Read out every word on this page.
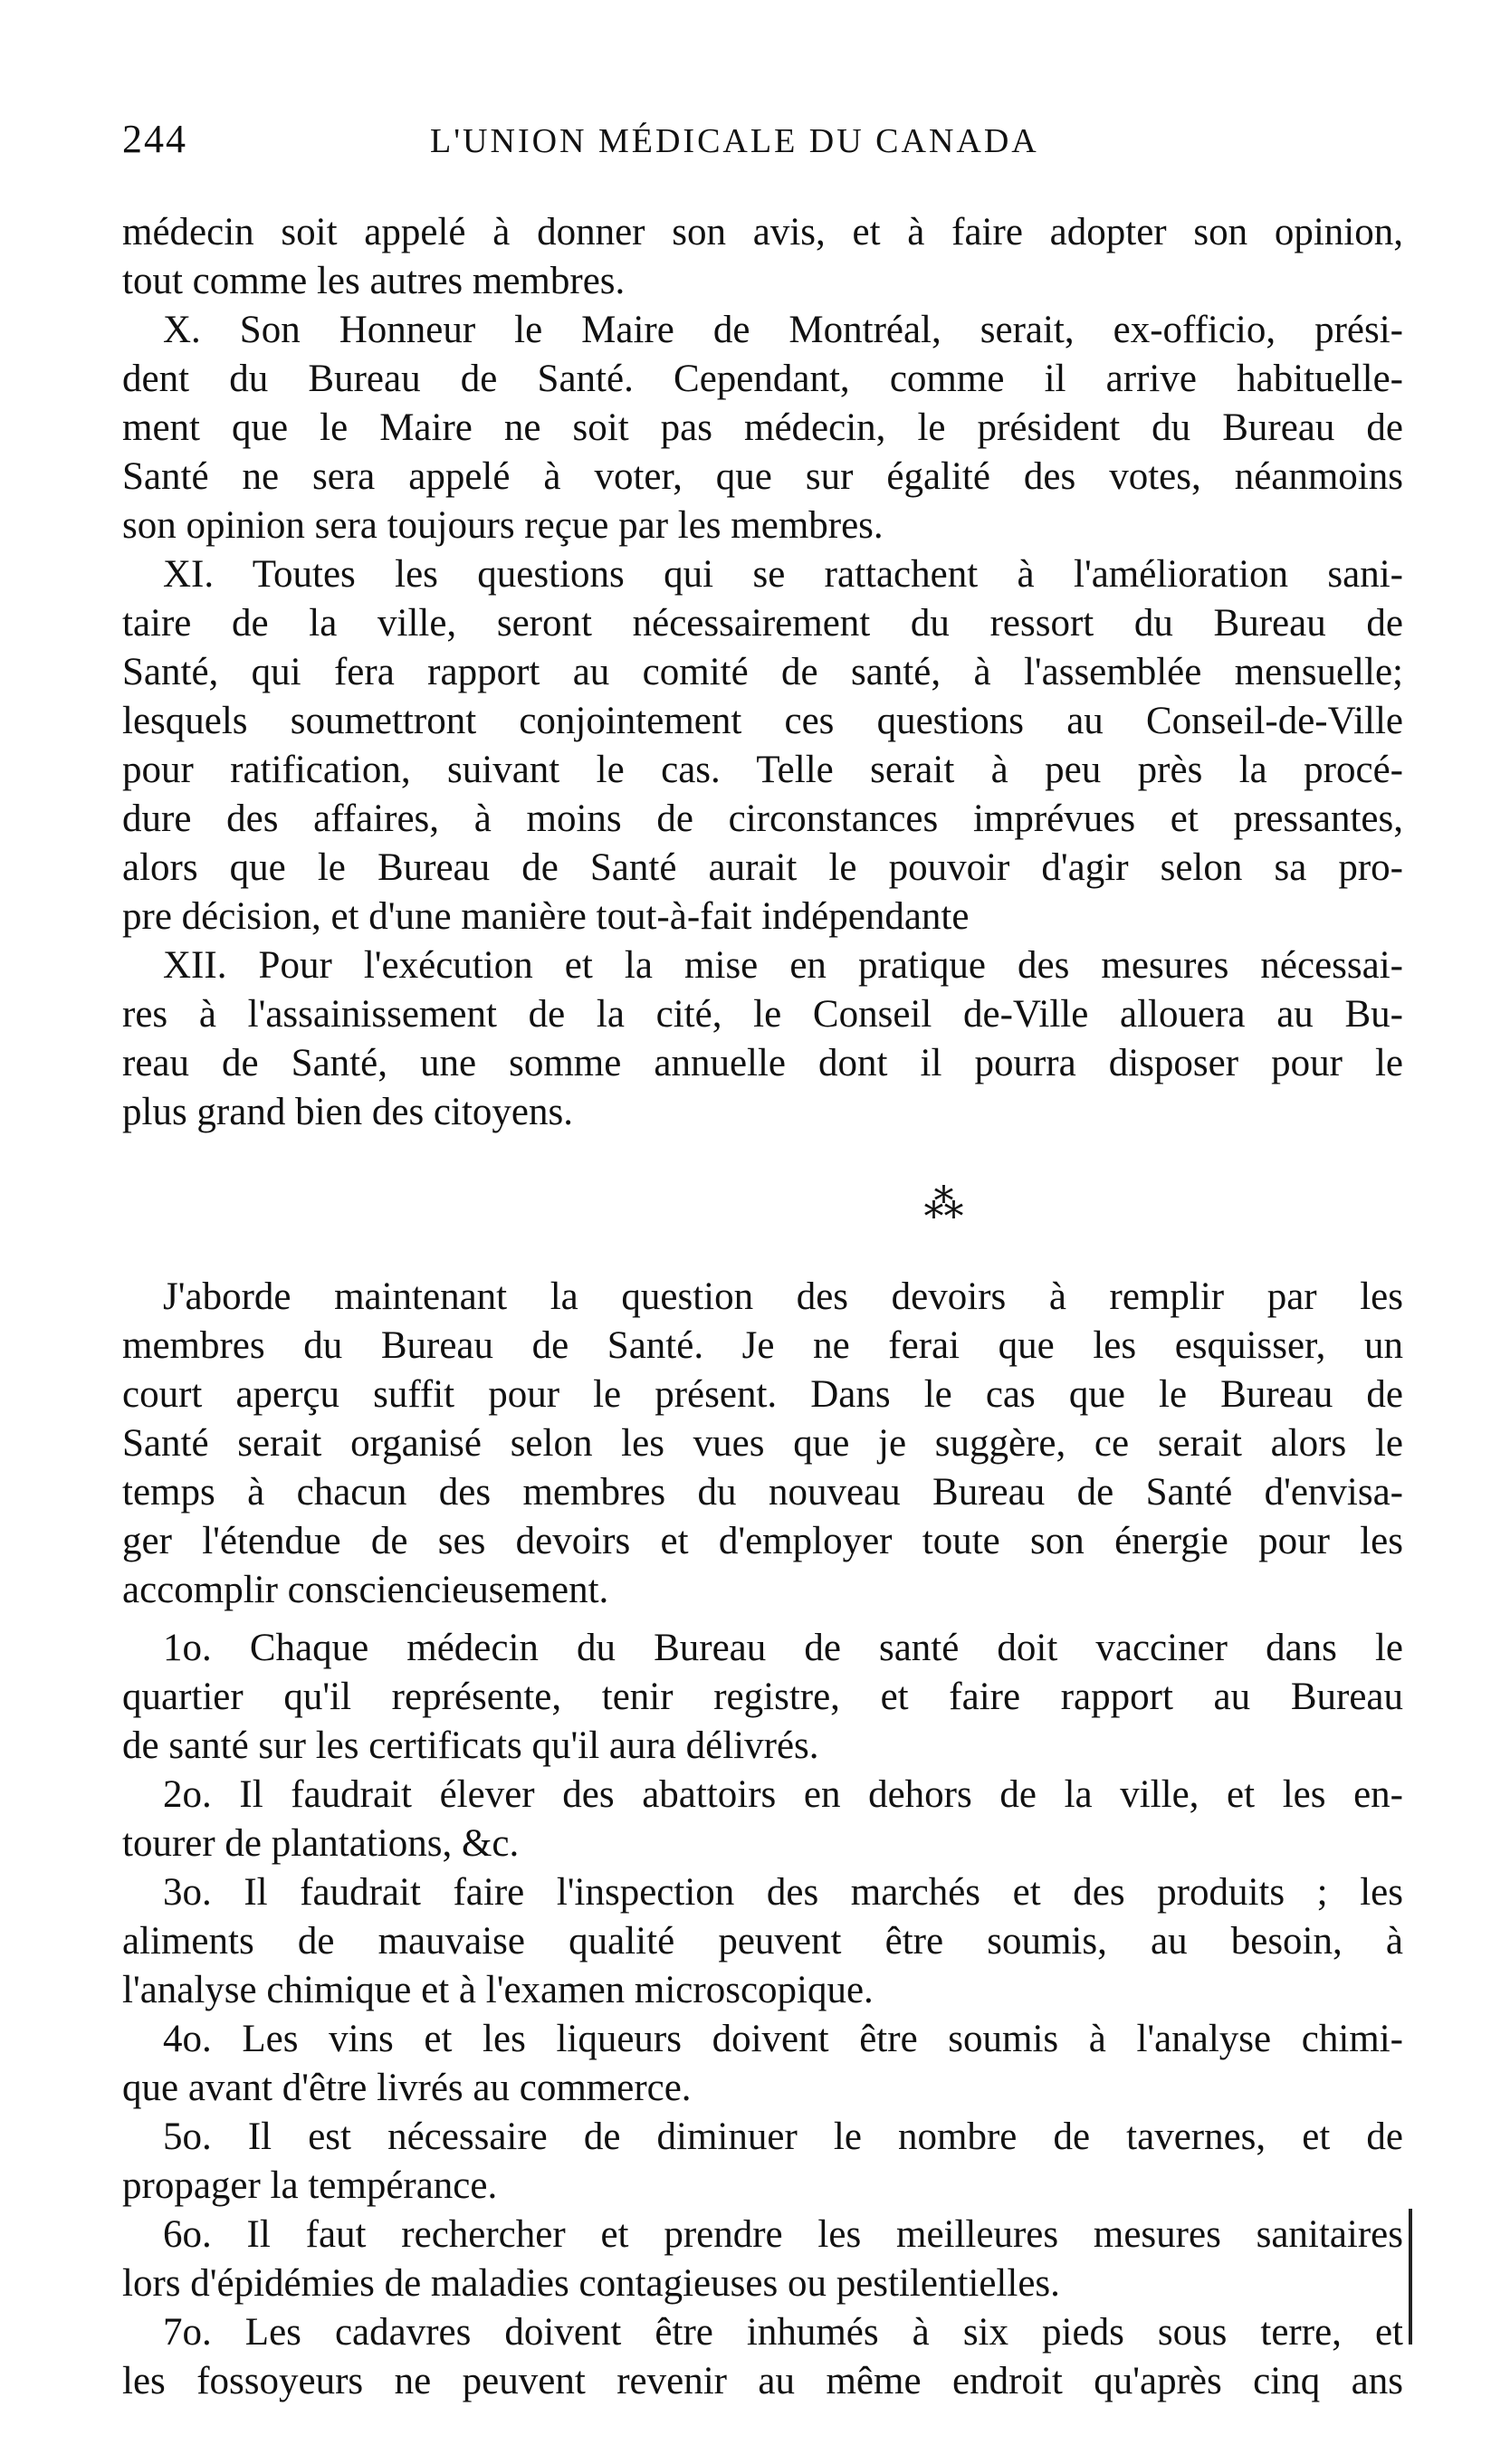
244	L'UNION MÉDICALE DU CANADA
médecin soit appelé à donner son avis, et à faire adopter son opinion,
tout comme les autres membres.
X. Son Honneur le Maire de Montréal, serait, ex-officio, prési-
dent du Bureau de Santé. Cependant, comme il arrive habituelle-
ment que le Maire ne soit pas médecin, le président du Bureau de
Santé ne sera appelé à voter, que sur égalité des votes, néanmoins
son opinion sera toujours reçue par les membres.
XI. Toutes les questions qui se rattachent à l'amélioration sani-
taire de la ville, seront nécessairement du ressort du Bureau de
Santé, qui fera rapport au comité de santé, à l'assemblée mensuelle;
lesquels soumettront conjointement ces questions au Conseil-de-Ville
pour ratification, suivant le cas. Telle serait à peu près la procé-
dure des affaires, à moins de circonstances imprévues et pressantes,
alors que le Bureau de Santé aurait le pouvoir d'agir selon sa pro-
pre décision, et d'une manière tout-à-fait indépendante
XII. Pour l'exécution et la mise en pratique des mesures nécessai-
res à l'assainissement de la cité, le Conseil de-Ville allouera au Bu-
reau de Santé, une somme annuelle dont il pourra disposer pour le
plus grand bien des citoyens.
⁂
J'aborde maintenant la question des devoirs à remplir par les
membres du Bureau de Santé. Je ne ferai que les esquisser, un
court aperçu suffit pour le présent. Dans le cas que le Bureau de
Santé serait organisé selon les vues que je suggère, ce serait alors le
temps à chacun des membres du nouveau Bureau de Santé d'envisa-
ger l'étendue de ses devoirs et d'employer toute son énergie pour les
accomplir consciencieusement.
1o. Chaque médecin du Bureau de santé doit vacciner dans le
quartier qu'il représente, tenir registre, et faire rapport au Bureau
de santé sur les certificats qu'il aura délivrés.
2o. Il faudrait élever des abattoirs en dehors de la ville, et les en-
tourer de plantations, &c.
3o. Il faudrait faire l'inspection des marchés et des produits ; les
aliments de mauvaise qualité peuvent être soumis, au besoin, à
l'analyse chimique et à l'examen microscopique.
4o. Les vins et les liqueurs doivent être soumis à l'analyse chimi-
que avant d'être livrés au commerce.
5o. Il est nécessaire de diminuer le nombre de tavernes, et de
propager la tempérance.
6o. Il faut rechercher et prendre les meilleures mesures sanitaires
lors d'épidémies de maladies contagieuses ou pestilentielles.
7o. Les cadavres doivent être inhumés à six pieds sous terre, et
les fossoyeurs ne peuvent revenir au même endroit qu'après cinq ans
